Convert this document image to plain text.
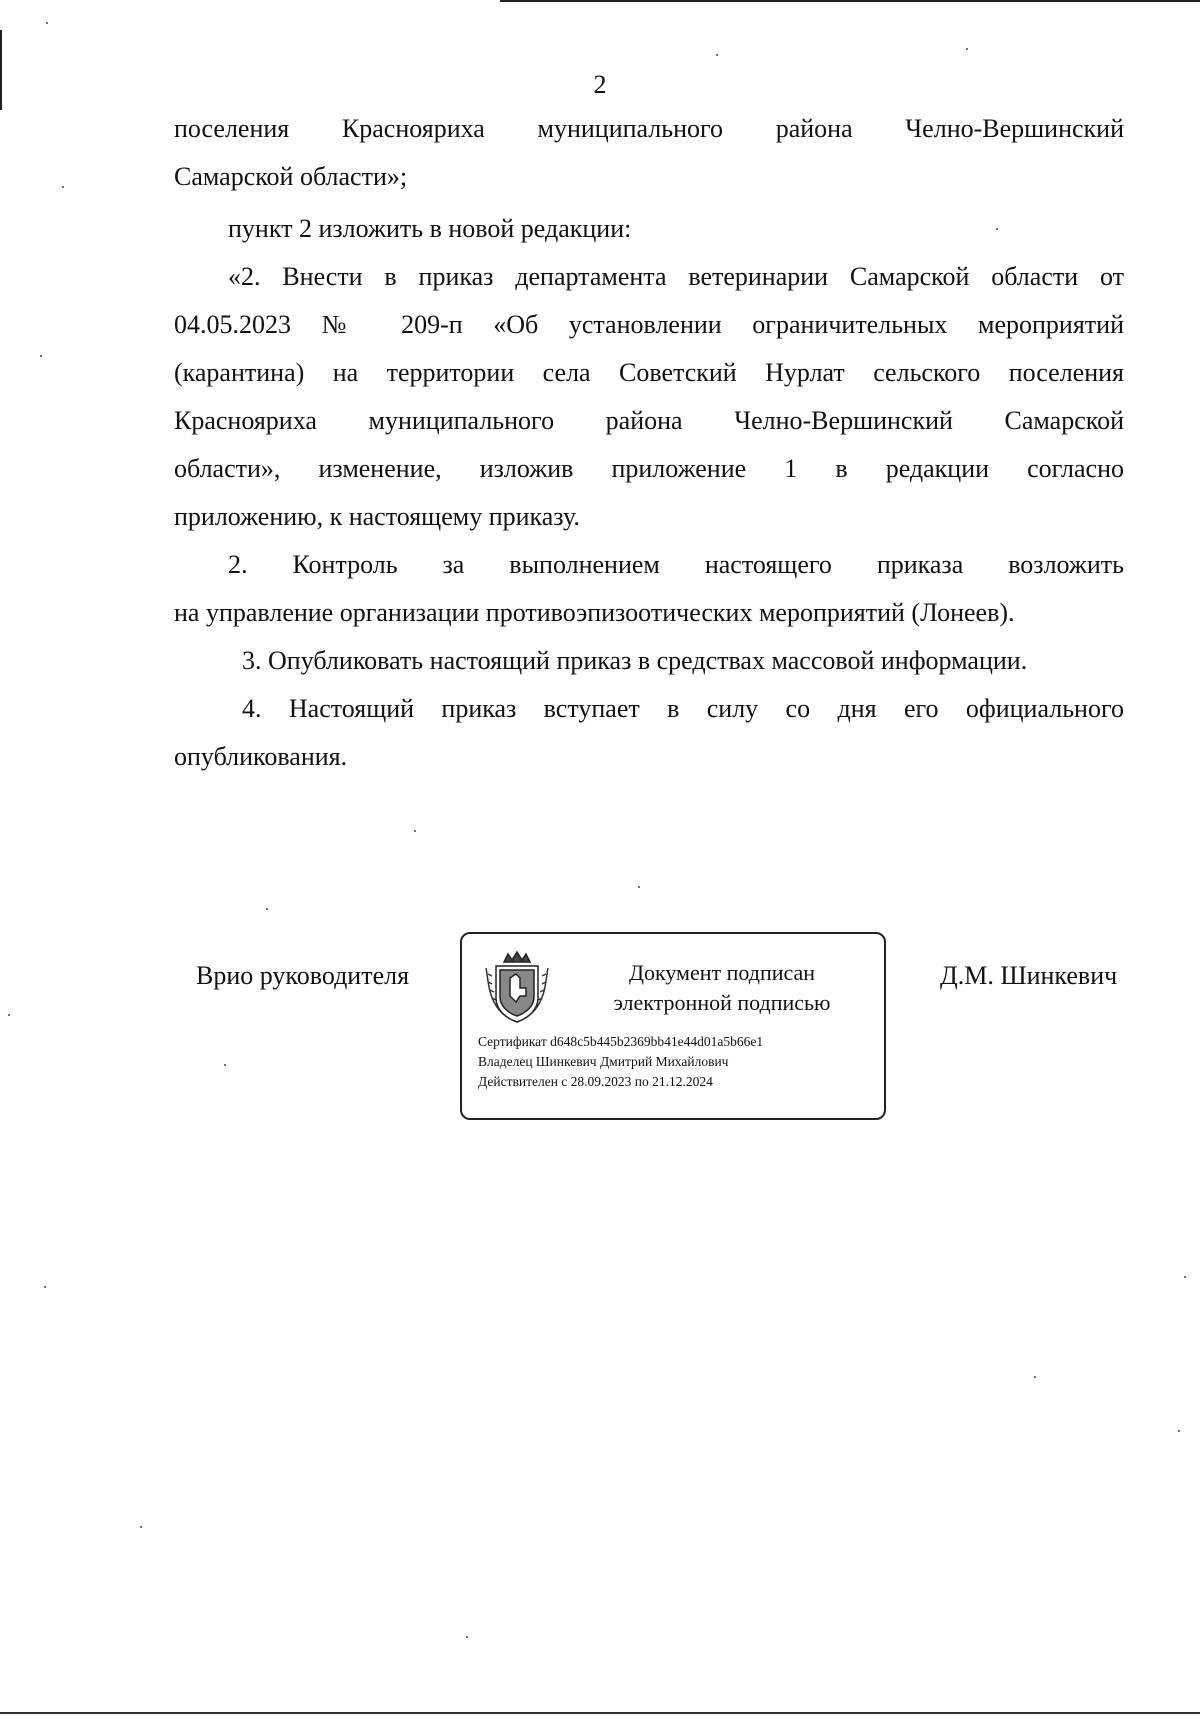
2
поселения Краснояриха муниципального района Челно-Вершинский
Самарской области»;
пункт 2 изложить в новой редакции:
«2. Внести в приказ департамента ветеринарии Самарской области от
04.05.2023 № 209-п «Об установлении ограничительных мероприятий
(карантина) на территории села Советский Нурлат сельского поселения
Краснояриха муниципального района Челно-Вершинский Самарской
области», изменение, изложив приложение 1 в редакции согласно
приложению, к настоящему приказу.
2. Контроль за выполнением настоящего приказа возложить
на управление организации противоэпизоотических мероприятий (Лонеев).
3. Опубликовать настоящий приказ в средствах массовой информации.
4. Настоящий приказ вступает в силу со дня его официального
опубликования.
Врио руководителя	Д.М. Шинкевич
Документ подписан
электронной подписью
Сертификат d648c5b445b2369bb41e44d01a5b66e1
Владелец Шинкевич Дмитрий Михайлович
Действителен с 28.09.2023 по 21.12.2024
